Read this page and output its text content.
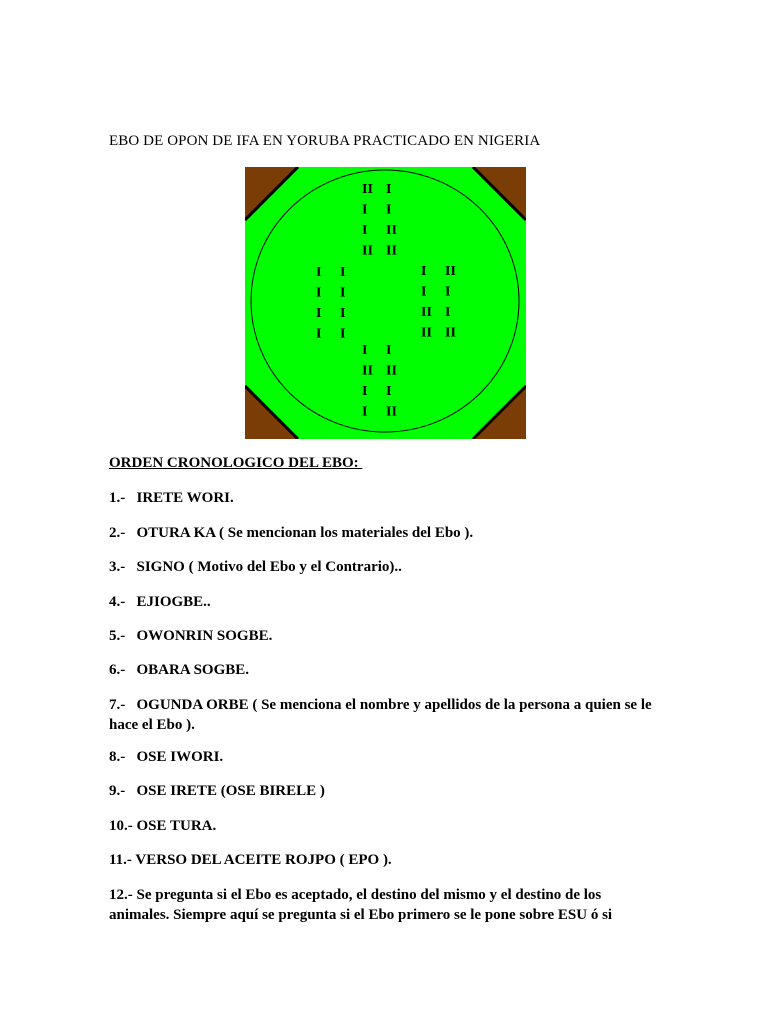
EBO DE OPON DE IFA EN YORUBA PRACTICADO EN NIGERIA
II I
I I
I II
II II
I I
I I
I I
I I
I II
I I
II I
II II
I I
II II
I I
I II
ORDEN CRONOLOGICO DEL EBO:
1.-   IRETE WORI.
2.-   OTURA KA ( Se mencionan los materiales del Ebo ).
3.-   SIGNO ( Motivo del Ebo y el Contrario)..
4.-   EJIOGBE..
5.-   OWONRIN SOGBE.
6.-   OBARA SOGBE.
7.-   OGUNDA ORBE ( Se menciona el nombre y apellidos de la persona a quien se le hace el Ebo ).
8.-   OSE IWORI.
9.-   OSE IRETE (OSE BIRELE )
10.- OSE TURA.
11.- VERSO DEL ACEITE ROJPO ( EPO ).
12.- Se pregunta si el Ebo es aceptado, el destino del mismo y el destino de los animales. Siempre aquí se pregunta si el Ebo primero se le pone sobre ESU ó si
